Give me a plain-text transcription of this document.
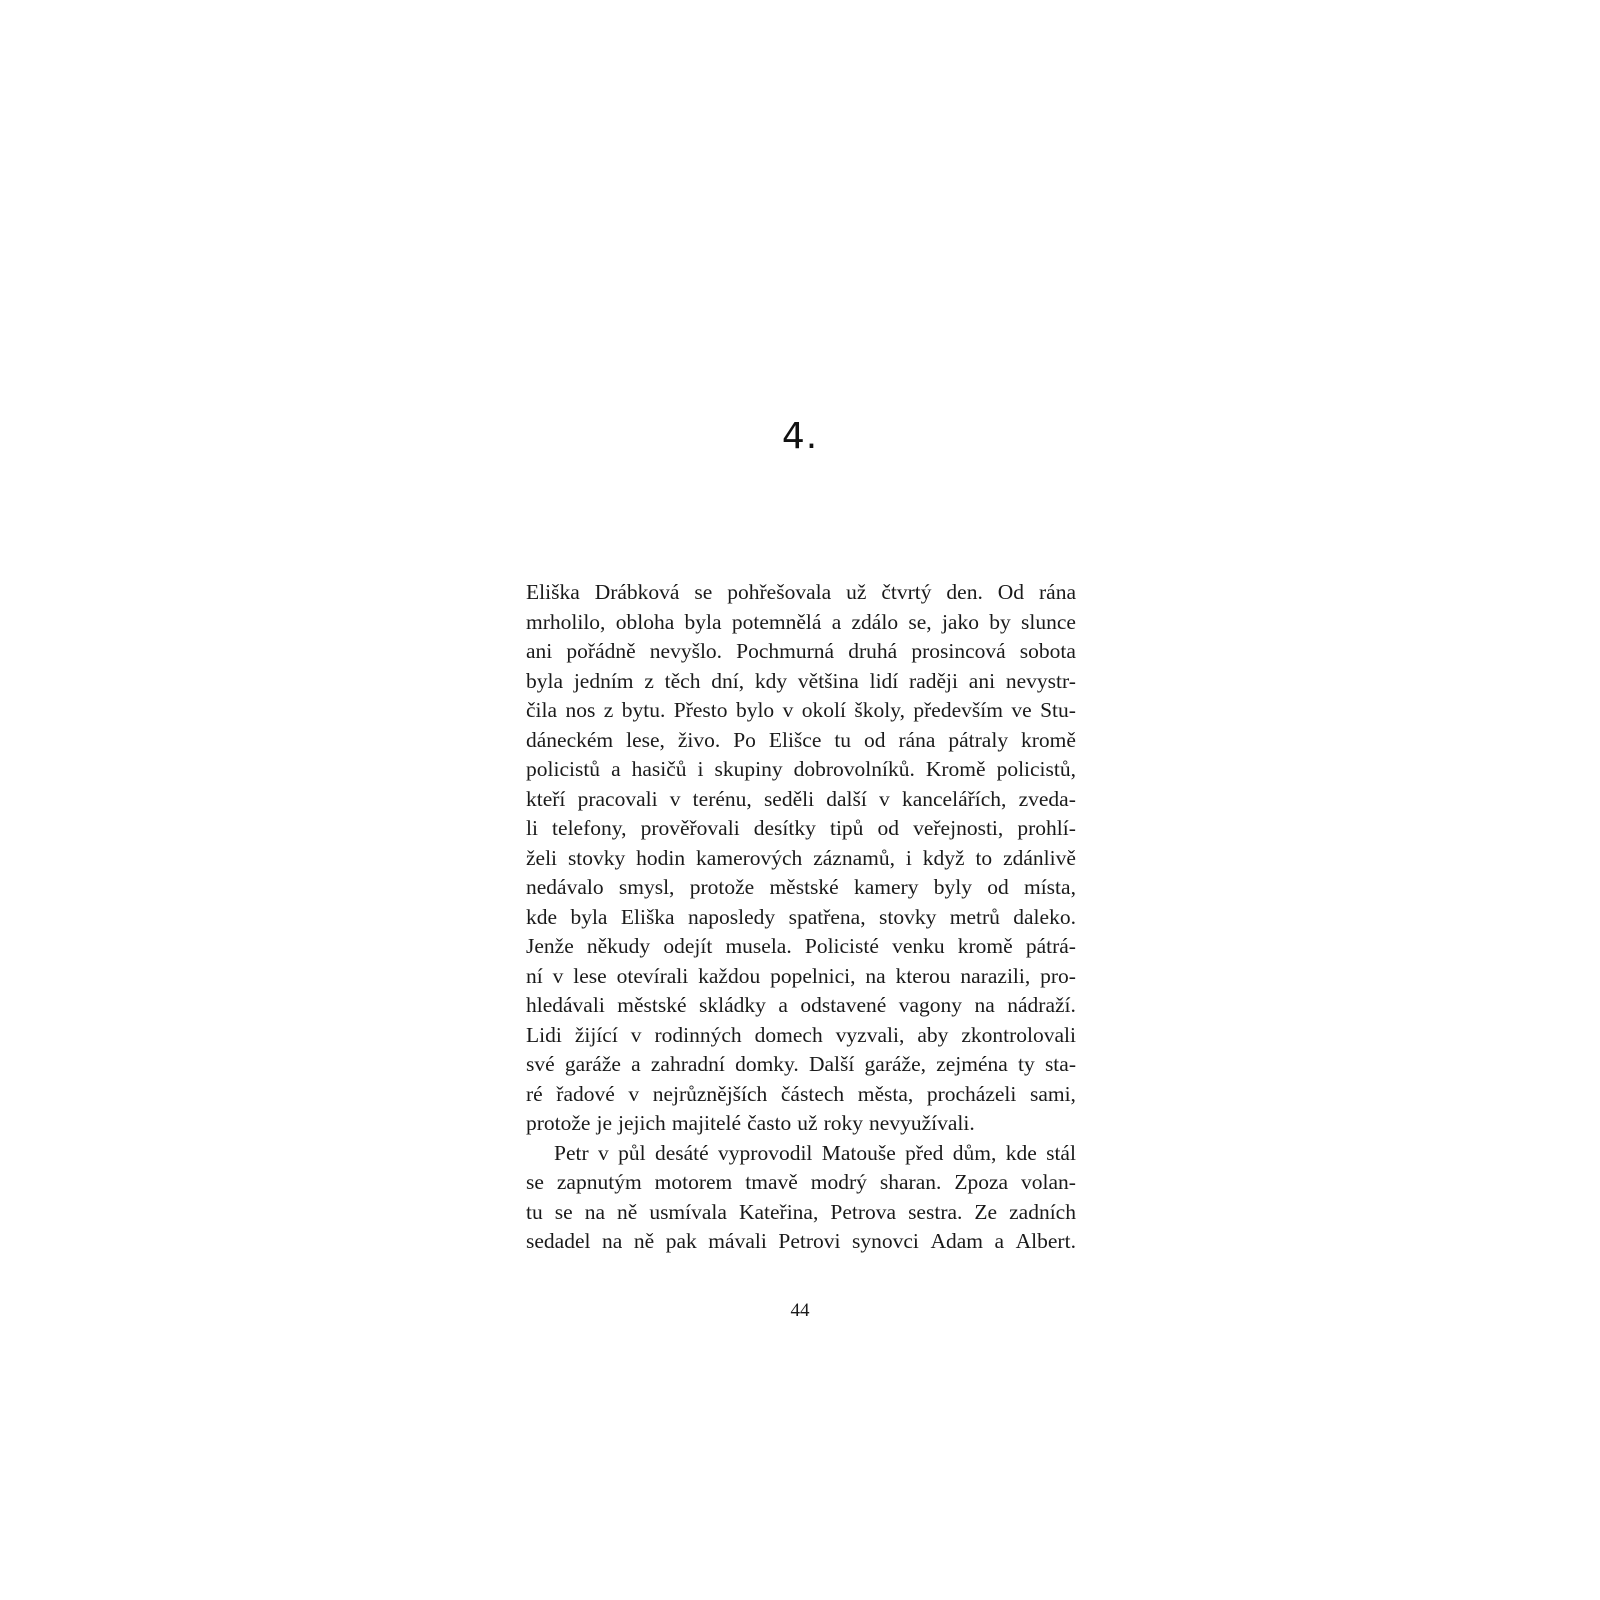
4.
Eliška Drábková se pohřešovala už čtvrtý den. Od rána
mrholilo, obloha byla potemnělá a zdálo se, jako by slunce
ani pořádně nevyšlo. Pochmurná druhá prosincová sobota
byla jedním z těch dní, kdy většina lidí raději ani nevystr-
čila nos z bytu. Přesto bylo v okolí školy, především ve Stu-
dáneckém lese, živo. Po Elišce tu od rána pátraly kromě
policistů a hasičů i skupiny dobrovolníků. Kromě policistů,
kteří pracovali v terénu, seděli další v kancelářích, zveda-
li telefony, prověřovali desítky tipů od veřejnosti, prohlí-
želi stovky hodin kamerových záznamů, i když to zdánlivě
nedávalo smysl, protože městské kamery byly od místa,
kde byla Eliška naposledy spatřena, stovky metrů daleko.
Jenže někudy odejít musela. Policisté venku kromě pátrá-
ní v lese otevírali každou popelnici, na kterou narazili, pro-
hledávali městské skládky a odstavené vagony na nádraží.
Lidi žijící v rodinných domech vyzvali, aby zkontrolovali
své garáže a zahradní domky. Další garáže, zejména ty sta-
ré řadové v nejrůznějších částech města, procházeli sami,
protože je jejich majitelé často už roky nevyužívali.
Petr v půl desáté vyprovodil Matouše před dům, kde stál
se zapnutým motorem tmavě modrý sharan. Zpoza volan-
tu se na ně usmívala Kateřina, Petrova sestra. Ze zadních
sedadel na ně pak mávali Petrovi synovci Adam a Albert.
44
